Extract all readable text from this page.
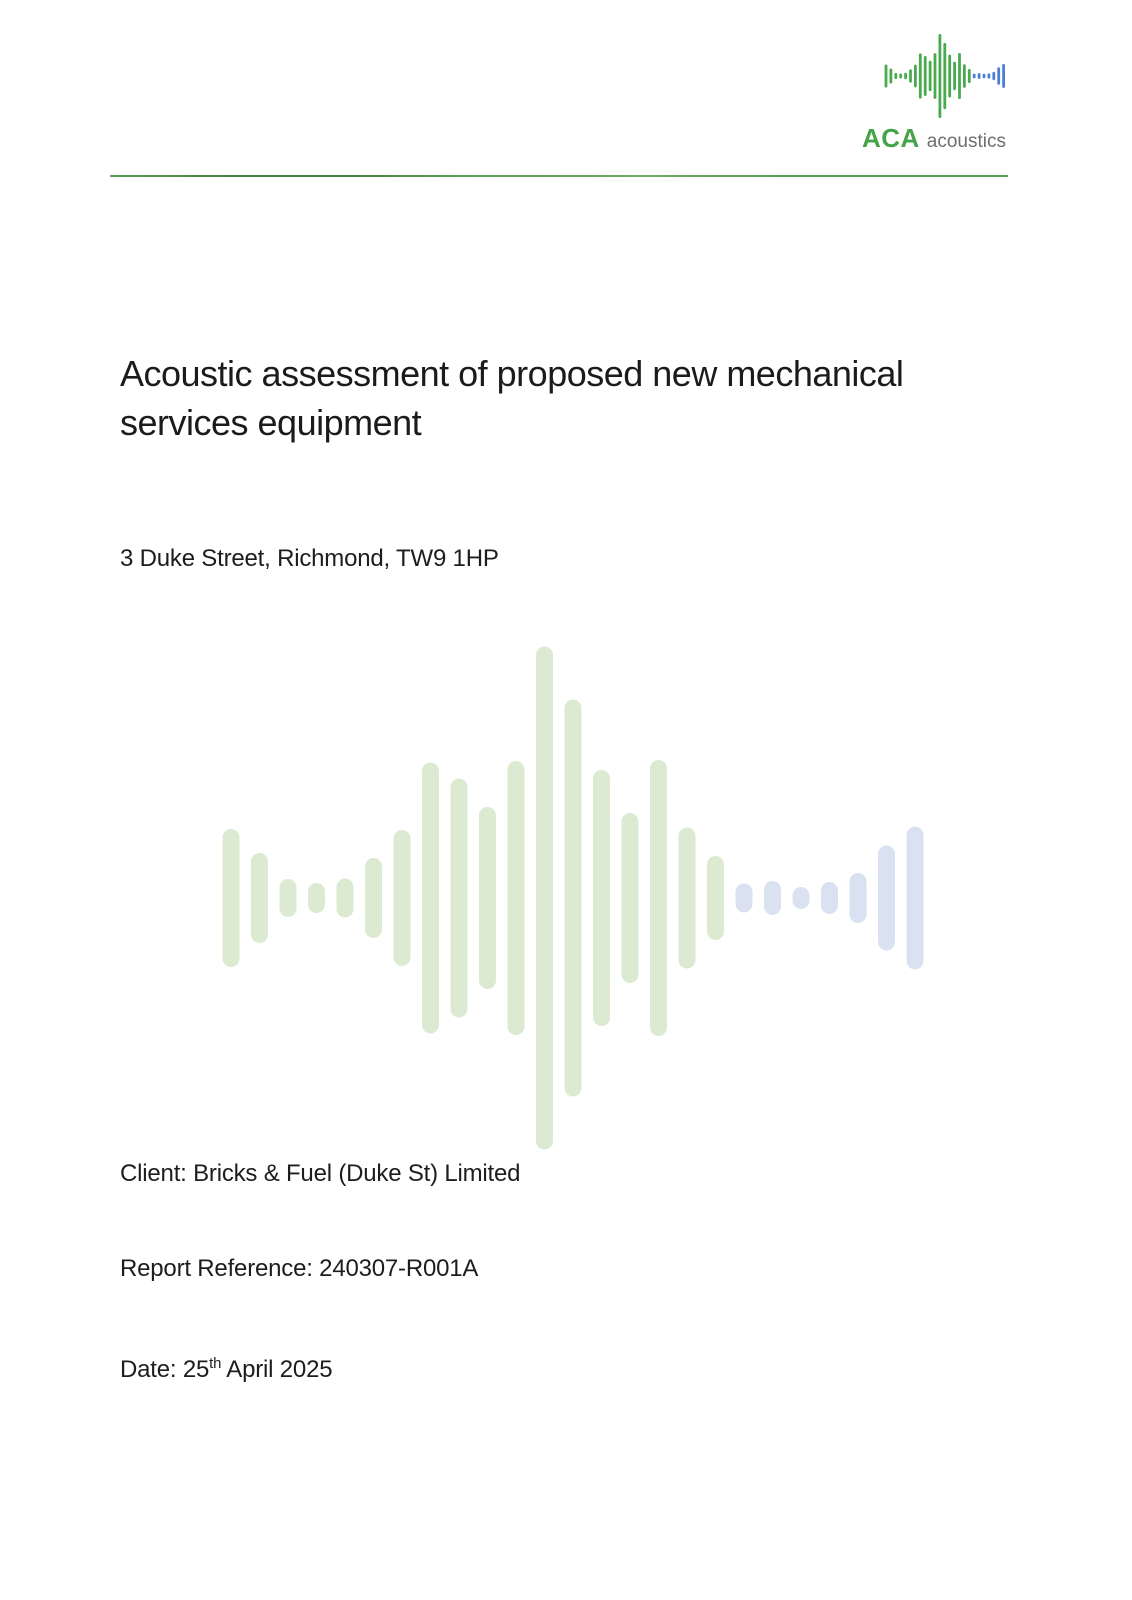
ACA acoustics
Acoustic assessment of proposed new mechanical services equipment

3 Duke Street, Richmond, TW9 1HP

Client: Bricks & Fuel (Duke St) Limited

Report Reference: 240307-R001A

Date: 25th April 2025
